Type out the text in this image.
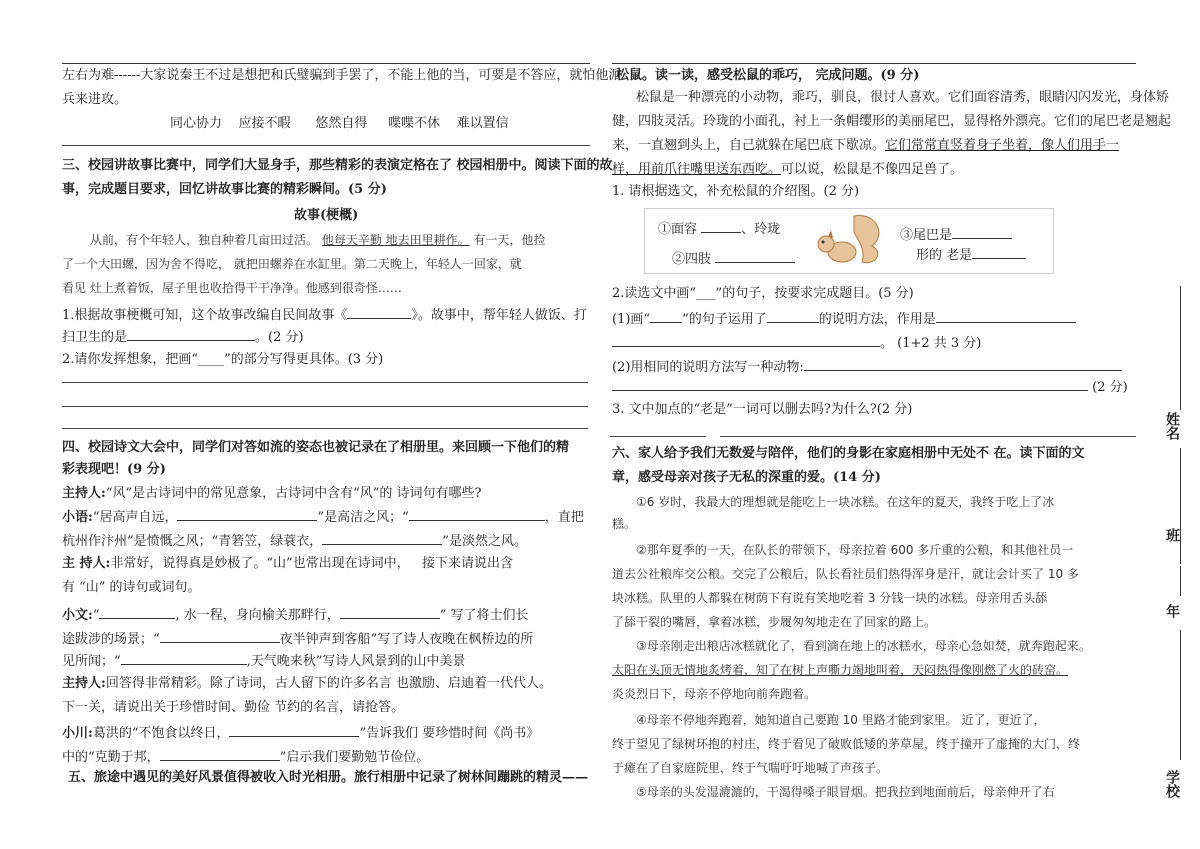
左右为难------大家说秦王不过是想把和氏璧骗到手罢了，不能上他的当，可要是不答应，就怕他派
兵来进攻。
同心协力 应接不暇 悠然自得 喋喋不休 难以置信
三、校园讲故事比赛中，同学们大显身手，那些精彩的表演定格在了 校园相册中。阅读下面的故
事，完成题目要求，回忆讲故事比赛的精彩瞬间。(5 分)
故事(梗概)
从前，有个年轻人，独自种着几亩田过活。 他每天辛勤 地去田里耕作。 有一天，他捡
了一个大田螺，因为舍不得吃， 就把田螺养在水缸里。第二天晚上，年轻人一回家，就
看见 灶上煮着饭，屋子里也收拾得干干净净。他感到很奇怪……
1.根据故事梗概可知，这个故事改编自民间故事《	》。故事中，帮年轻人做饭、打
扫卫生的是	。(2 分)
2.请你发挥想象，把画“____”的部分写得更具体。(3 分)
四、校园诗文大会中，同学们对答如流的姿态也被记录在了相册里。来回顾一下他们的精
彩表现吧！(9 分)
主持人:“风”是古诗词中的常见意象，古诗词中含有“风”的 诗词句有哪些?
小语:“居高声自远，	”是高洁之风；“	，直把
杭州作汴州”是愤慨之风；“青箬笠，绿蓑衣，	”是淡然之风。
主 持人:非常好，说得真是妙极了。“山”也常出现在诗词中， 接下来请说出含
有 “山” 的诗句或词句。
小文:“	, 水一程，身向榆关那畔行，	” 写了将士们长
途跋涉的场景；“	夜半钟声到客船”写了诗人夜晚在枫桥边的所
见所闻；“	,天气晚来秋”写诗人风景到的山中美景
主持人:回答得非常精彩。除了诗词，古人留下的许多名言 也激励、启迪着一代代人。
下一关，请说出关于珍惜时间、勤俭 节约的名言，请抢答。
小川:葛洪的“不饱食以终日，	”告诉我们 要珍惜时间《尚书》
中的“克勤于邦，	”启示我们要勤勉节俭位。
五、旅途中遇见的美好风景值得被收入时光相册。旅行相册中记录了树林间蹦跳的精灵——
松鼠。读一读，感受松鼠的乖巧， 完成问题。(9 分)
松鼠是一种漂亮的小动物，乖巧，驯良，很讨人喜欢。它们面容清秀，眼睛闪闪发光，身体矫
健，四肢灵活。玲珑的小面孔，衬上一条帽缨形的美丽尾巴，显得格外漂亮。它们的尾巴老是翘起
来，一直翘到头上，自己就躲在尾巴底下歇凉。它们常常直竖着身子坐着，像人们用手一
样，用前爪往嘴里送东西吃。可以说，松鼠是不像四足兽了。
1. 请根据选文，补充松鼠的介绍图。(2 分)
①面容	、玲珑
②四肢
③尾巴是
形的 老是
2.读选文中画“___”的句子，按要求完成题目。(5 分)
(1)画“ ”的句子运用了	的说明方法，作用是
。 (1+2 共 3 分)
(2)用相同的说明方法写一种动物:
(2 分)
3. 文中加点的“老是”一词可以删去吗?为什么?(2 分)
六、家人给予我们无数爱与陪伴，他们的身影在家庭相册中无处不 在。读下面的文
章，感受母亲对孩子无私的深重的爱。(14 分)
①6 岁时，我最大的理想就是能吃上一块冰糕。在这年的夏天，我终于吃上了冰
糕。
②那年夏季的一天，在队长的带领下，母亲拉着 600 多斤重的公粮，和其他社员一
道去公社粮库交公粮。交完了公粮后，队长看社员们热得浑身是汗，就让会计买了 10 多
块冰糕。队里的人都躲在树荫下有说有笑地吃着 3 分钱一块的冰糕。母亲用舌头舔
了舔干裂的嘴唇，拿着冰糕，步履匆匆地走在了回家的路上。
③母亲刚走出粮店冰糕就化了，看到滴在地上的冰糕水，母亲心急如焚，就奔跑起来。
太阳在头顶无情地炙烤着，知了在树上声嘶力竭地叫着，天闷热得像刚燃了火的砖窑。
炎炎烈日下，母亲不停地向前奔跑着。
④母亲不停地奔跑着，她知道自己要跑 10 里路才能到家里。 近了，更近了，
终于望见了绿树环抱的村庄，终于看见了破败低矮的茅草屋，终于撞开了虚掩的大门，终
于瘫在了自家庭院里，终于气喘吁吁地喊了声孩子。
⑤母亲的头发湿漉漉的，干渴得嗓子眼冒烟。把我拉到地面前后，母亲伸开了右
姓名
班
年
学校
